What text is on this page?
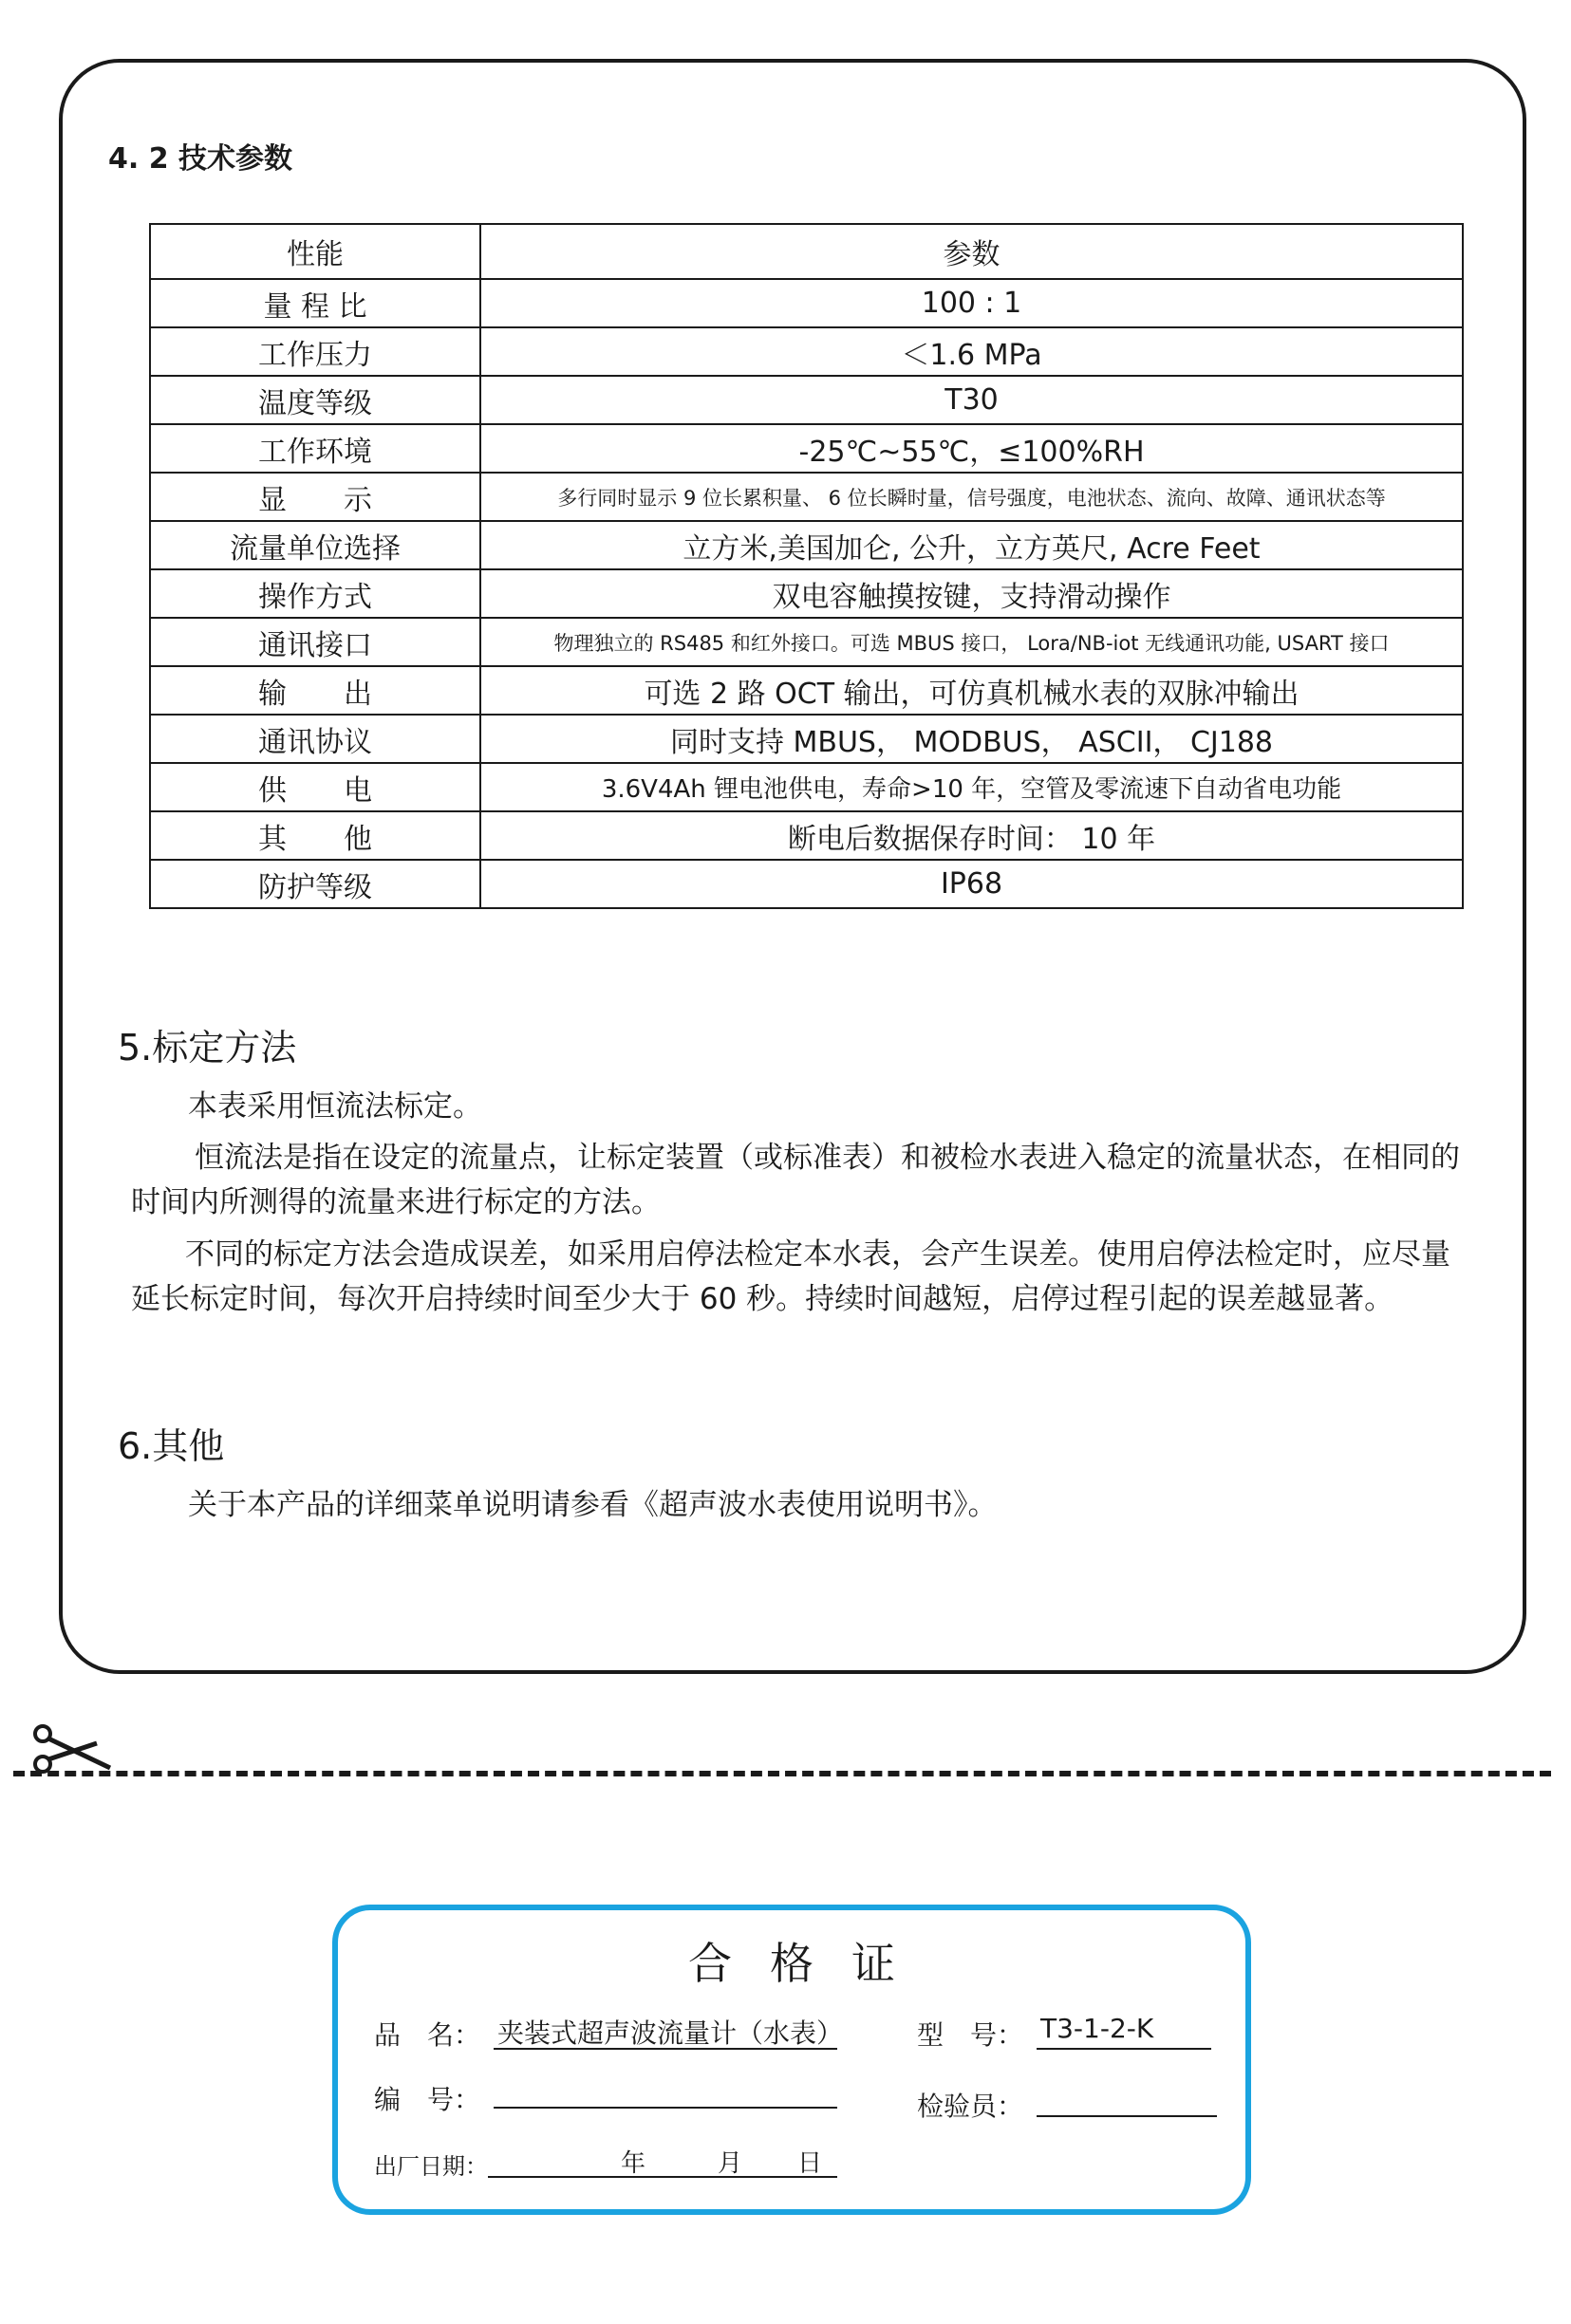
4. 2 技术参数
性能	参数
量 程 比	100 : 1
工作压力	＜1.6 MPa
温度等级	T30
工作环境	-25℃~55℃，≤100%RH
显　　示	多行同时显示 9 位长累积量、 6 位长瞬时量，信号强度，电池状态、流向、故障、通讯状态等
流量单位选择	立方米,美国加仑, 公升，立方英尺, Acre Feet
操作方式	双电容触摸按键，支持滑动操作
通讯接口	物理独立的 RS485 和红外接口。可选 MBUS 接口， Lora/NB-iot 无线通讯功能, USART 接口
输　　出	可选 2 路 OCT 输出，可仿真机械水表的双脉冲输出
通讯协议	同时支持 MBUS， MODBUS， ASCII， CJ188
供　　电	3.6V4Ah 锂电池供电，寿命>10 年，空管及零流速下自动省电功能
其　　他	断电后数据保存时间： 10 年
防护等级	IP68
5.标定方法
本表采用恒流法标定。
恒流法是指在设定的流量点，让标定装置（或标准表）和被检水表进入稳定的流量状态，在相同的
时间内所测得的流量来进行标定的方法。
不同的标定方法会造成误差，如采用启停法检定本水表，会产生误差。使用启停法检定时，应尽量
延长标定时间，每次开启持续时间至少大于 60 秒。持续时间越短，启停过程引起的误差越显著。
6.其他
关于本产品的详细菜单说明请参看《超声波水表使用说明书》。
合格证
品　名： 夹装式超声波流量计（水表）	型　号： T3-1-2-K
编　号：	检验员：
出厂日期：	年	月 日
